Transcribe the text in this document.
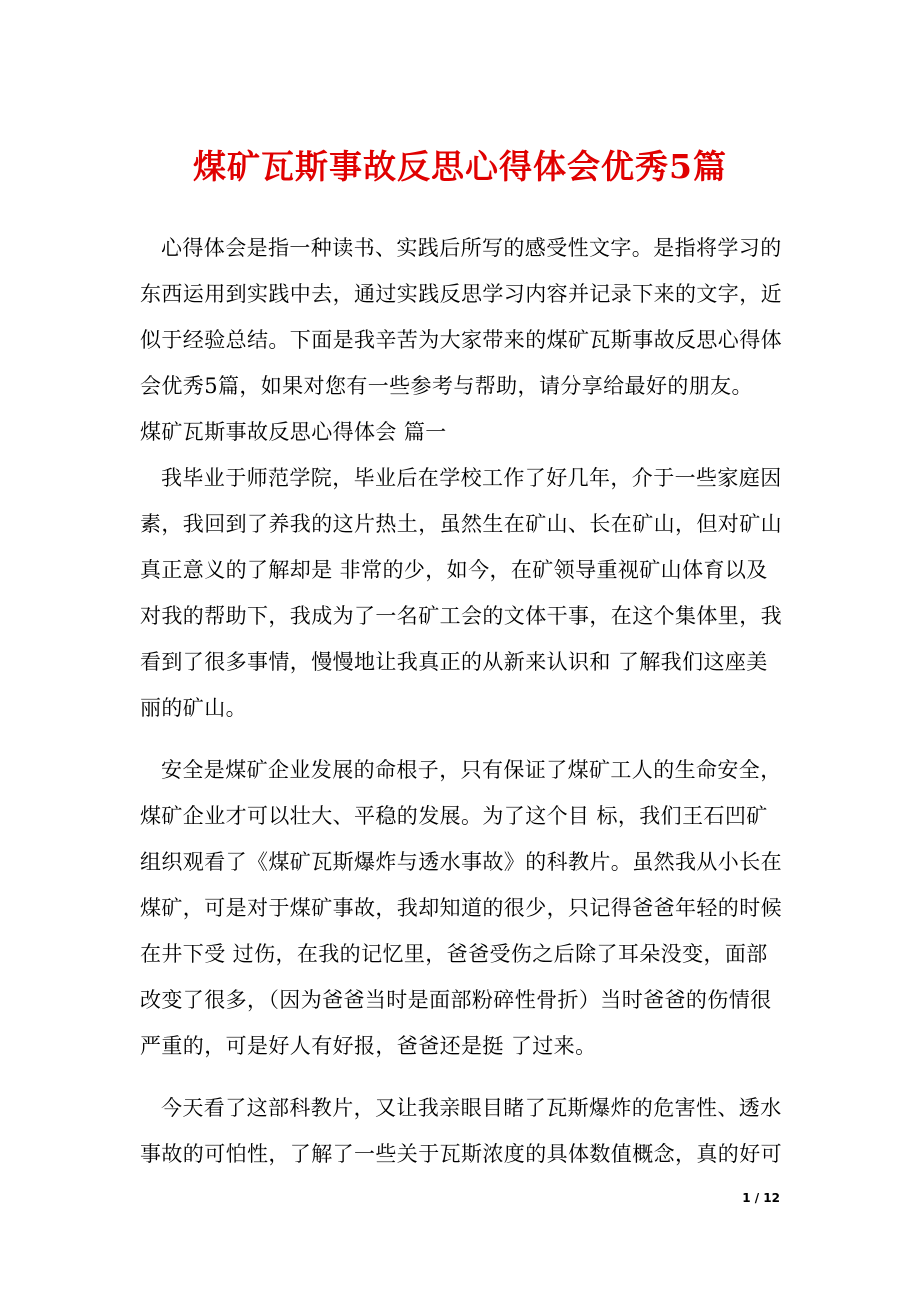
煤矿瓦斯事故反思心得体会优秀5篇

心得体会是指一种读书、实践后所写的感受性文字。是指将学习的东西运用到实践中去，通过实践反思学习内容并记录下来的文字，近似于经验总结。下面是我辛苦为大家带来的煤矿瓦斯事故反思心得体会优秀5篇，如果对您有一些参考与帮助，请分享给最好的朋友。

煤矿瓦斯事故反思心得体会 篇一

我毕业于师范学院，毕业后在学校工作了好几年，介于一些家庭因素，我回到了养我的这片热土，虽然生在矿山、长在矿山，但对矿山真正意义的了解却是 非常的少，如今，在矿领导重视矿山体育以及对我的帮助下，我成为了一名矿工会的文体干事，在这个集体里，我看到了很多事情，慢慢地让我真正的从新来认识和 了解我们这座美丽的矿山。

安全是煤矿企业发展的命根子，只有保证了煤矿工人的生命安全，煤矿企业才可以壮大、平稳的发展。为了这个目 标，我们王石凹矿组织观看了《煤矿瓦斯爆炸与透水事故》的科教片。虽然我从小长在煤矿，可是对于煤矿事故，我却知道的很少，只记得爸爸年轻的时候在井下受 过伤，在我的记忆里，爸爸受伤之后除了耳朵没变，面部改变了很多，（因为爸爸当时是面部粉碎性骨折）当时爸爸的伤情很严重的，可是好人有好报，爸爸还是挺 了过来。

今天看了这部科教片，又让我亲眼目睹了瓦斯爆炸的危害性、透水事故的可怕性，了解了一些关于瓦斯浓度的具体数值概念，真的好可

1 / 12
